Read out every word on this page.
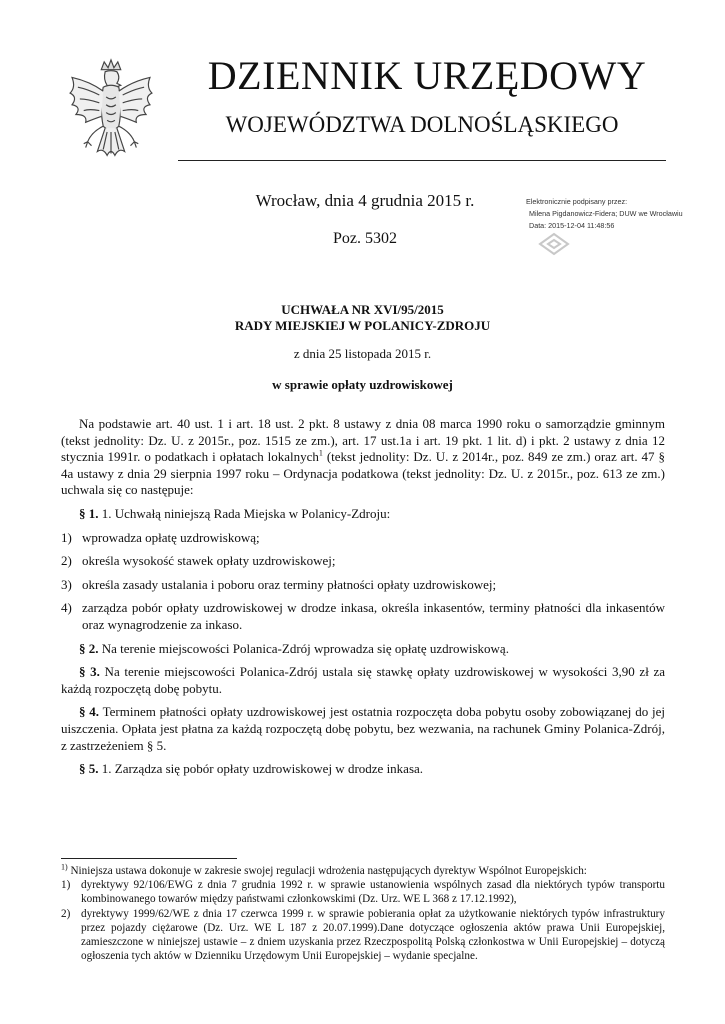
DZIENNIK URZĘDOWY
WOJEWÓDZTWA DOLNOŚLĄSKIEGO
Wrocław, dnia 4 grudnia 2015 r.
Poz. 5302
Elektronicznie podpisany przez:
Milena Pigdanowicz-Fidera; DUW we Wrocławiu
Data: 2015-12-04 11:48:56
UCHWAŁA NR XVI/95/2015
RADY MIEJSKIEJ W POLANICY-ZDROJU
z dnia 25 listopada 2015 r.
w sprawie opłaty uzdrowiskowej

Na podstawie art. 40 ust. 1 i art. 18 ust. 2 pkt. 8 ustawy z dnia 08 marca 1990 roku o samorządzie gminnym (tekst jednolity: Dz. U. z 2015r., poz. 1515 ze zm.), art. 17 ust.1a i art. 19 pkt. 1 lit. d) i pkt. 2 ustawy z dnia 12 stycznia 1991r. o podatkach i opłatach lokalnych$^1$ (tekst jednolity: Dz. U. z 2014r., poz. 849 ze zm.) oraz art. 47 § 4a ustawy z dnia 29 sierpnia 1997 roku – Ordynacja podatkowa (tekst jednolity: Dz. U. z 2015r., poz. 613 ze zm.) uchwala się co następuje:

§ 1. 1. Uchwałą niniejszą Rada Miejska w Polanicy-Zdroju:

1) wprowadza opłatę uzdrowiskową;
2) określa wysokość stawek opłaty uzdrowiskowej;
3) określa zasady ustalania i poboru oraz terminy płatności opłaty uzdrowiskowej;
4) zarządza pobór opłaty uzdrowiskowej w drodze inkasa, określa inkasentów, terminy płatności dla inkasentów oraz wynagrodzenie za inkaso.

§ 2. Na terenie miejscowości Polanica-Zdrój wprowadza się opłatę uzdrowiskową.

§ 3. Na terenie miejscowości Polanica-Zdrój ustala się stawkę opłaty uzdrowiskowej w wysokości 3,90 zł za każdą rozpoczętą dobę pobytu.

§ 4. Terminem płatności opłaty uzdrowiskowej jest ostatnia rozpoczęta doba pobytu osoby zobowiązanej do jej uiszczenia. Opłata jest płatna za każdą rozpoczętą dobę pobytu, bez wezwania, na rachunek Gminy Polanica-Zdrój, z zastrzeżeniem § 5.

§ 5. 1. Zarządza się pobór opłaty uzdrowiskowej w drodze inkasa.

$^{1)}$ Niniejsza ustawa dokonuje w zakresie swojej regulacji wdrożenia następujących dyrektyw Wspólnot Europejskich:

1) dyrektywy 92/106/EWG z dnia 7 grudnia 1992 r. w sprawie ustanowienia wspólnych zasad dla niektórych typów transportu kombinowanego towarów między państwami członkowskimi (Dz. Urz. WE L 368 z 17.12.1992),
2) dyrektywy 1999/62/WE z dnia 17 czerwca 1999 r. w sprawie pobierania opłat za użytkowanie niektórych typów infrastruktury przez pojazdy ciężarowe (Dz. Urz. WE L 187 z 20.07.1999).Dane dotyczące ogłoszenia aktów prawa Unii Europejskiej, zamieszczone w niniejszej ustawie – z dniem uzyskania przez Rzeczpospolitą Polską członkostwa w Unii Europejskiej – dotyczą ogłoszenia tych aktów w Dzienniku Urzędowym Unii Europejskiej – wydanie specjalne.
